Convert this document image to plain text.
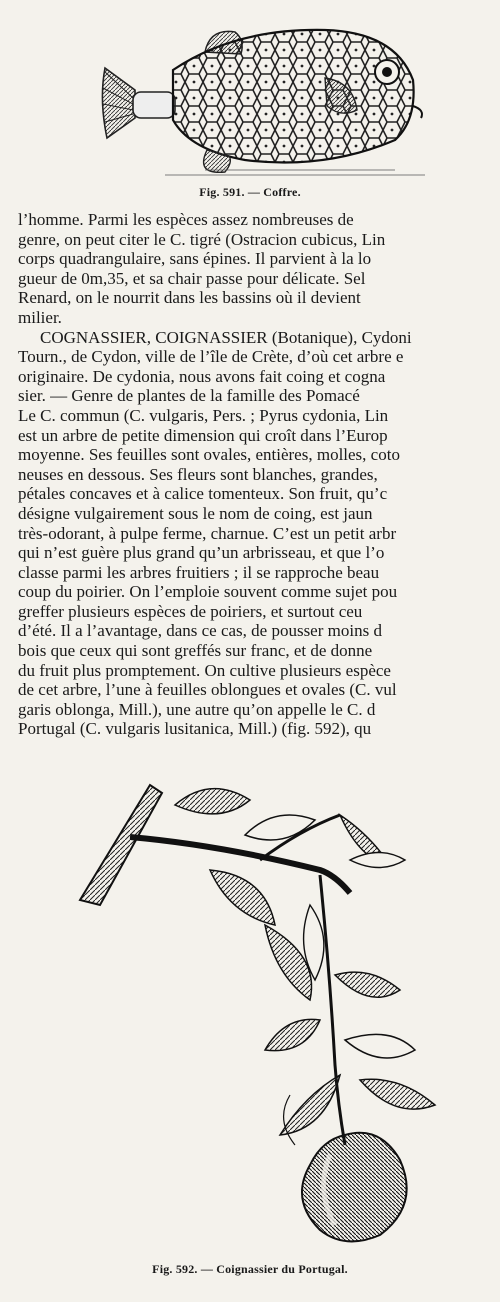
Fig. 591. — Coffre.
l’homme. Parmi les espèces assez nombreuses de
genre, on peut citer le C. tigré (Ostracion cubicus, Lin
corps quadrangulaire, sans épines. Il parvient à la lo
gueur de 0m,35, et sa chair passe pour délicate. Sel
Renard, on le nourrit dans les bassins où il devient
milier.
COGNASSIER, COIGNASSIER (Botanique), Cydoni
Tourn., de Cydon, ville de l’île de Crète, d’où cet arbre e
originaire. De cydonia, nous avons fait coing et cogna
sier. — Genre de plantes de la famille des Pomacé
Le C. commun (C. vulgaris, Pers. ; Pyrus cydonia, Lin
est un arbre de petite dimension qui croît dans l’Europ
moyenne. Ses feuilles sont ovales, entières, molles, coto
neuses en dessous. Ses fleurs sont blanches, grandes,
pétales concaves et à calice tomenteux. Son fruit, qu’c
désigne vulgairement sous le nom de coing, est jaun
très-odorant, à pulpe ferme, charnue. C’est un petit arbr
qui n’est guère plus grand qu’un arbrisseau, et que l’o
classe parmi les arbres fruitiers ; il se rapproche beau
coup du poirier. On l’emploie souvent comme sujet pou
greffer plusieurs espèces de poiriers, et surtout ceu
d’été. Il a l’avantage, dans ce cas, de pousser moins d
bois que ceux qui sont greffés sur franc, et de donne
du fruit plus promptement. On cultive plusieurs espèce
de cet arbre, l’une à feuilles oblongues et ovales (C. vul
garis oblonga, Mill.), une autre qu’on appelle le C. d
Portugal (C. vulgaris lusitanica, Mill.) (fig. 592), qu
Fig. 592. — Coignassier du Portugal.
